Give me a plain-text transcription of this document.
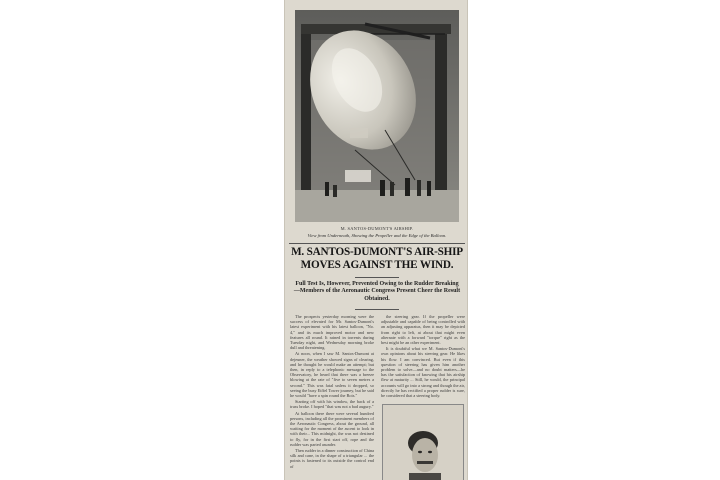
M. SANTOS-DUMONT'S AIRSHIP.
View from Underneath, Showing the Propeller and the Edge of the Balloon.
M. SANTOS-DUMONT'S AIR-SHIP MOVES AGAINST THE WIND.
Full Test Is, However, Prevented Owing to the Rudder Breaking—Members of the Aeronautic Congress Present Cheer the Result Obtained.

The prospects yesterday morning were the success of elevated for Mr. Santos-Dumont's latest experiment with his latest balloon, "No. 4," and its much improved motor and new features all round. It rained in torrents during Tuesday night, and Wednesday morning broke dull and threatening.

At noon, when I saw M. Santos-Dumont at dejeuner, the weather showed signs of clearing, and he thought he would make an attempt; but then, in reply to a telephonic message to the Observatory, he heard that there was a breeze blowing at the rate of "five to seven metres a second." This was fatal unless it dropped, so seeing the busy Eiffel Tower journey, but he said he would "have a spin round the Bois."

Starting off with his window, the back of a truss broke. I hoped "that was not a bad augury."

At balloon there there were several hundred persons, including all the prominent members of the Aeronautic Congress, about the ground, all waiting for the moment of the ascent to look in with their... This midnight, the was not destined to fly, for in the first start off, rope and the rudder was parted asunder.

Then rudder in a dinner construction of China silk and cane, in the shape of a triangular ... the points is fastened to its outside the control end of

the steering gear. If the propeller were adjustable and capable of being controlled with an adjusting apparatus, then it may be depicted from right to left, at about that might even alternate with a forward "torque" right as the best might be an other experiment.

It is doubtful what we M. Santos-Dumont's own opinions about his steering gear. He likes his flow. I am convinced. But even if this question of steering has given him another problem to solve—and no doubt matters—he has the satisfaction of knowing that his airship flew at maturity ... Still, he would, the principal accounts will go into a strong and though the air, directly he has rectified a proper rudder is sure, be considered that a steering body.
